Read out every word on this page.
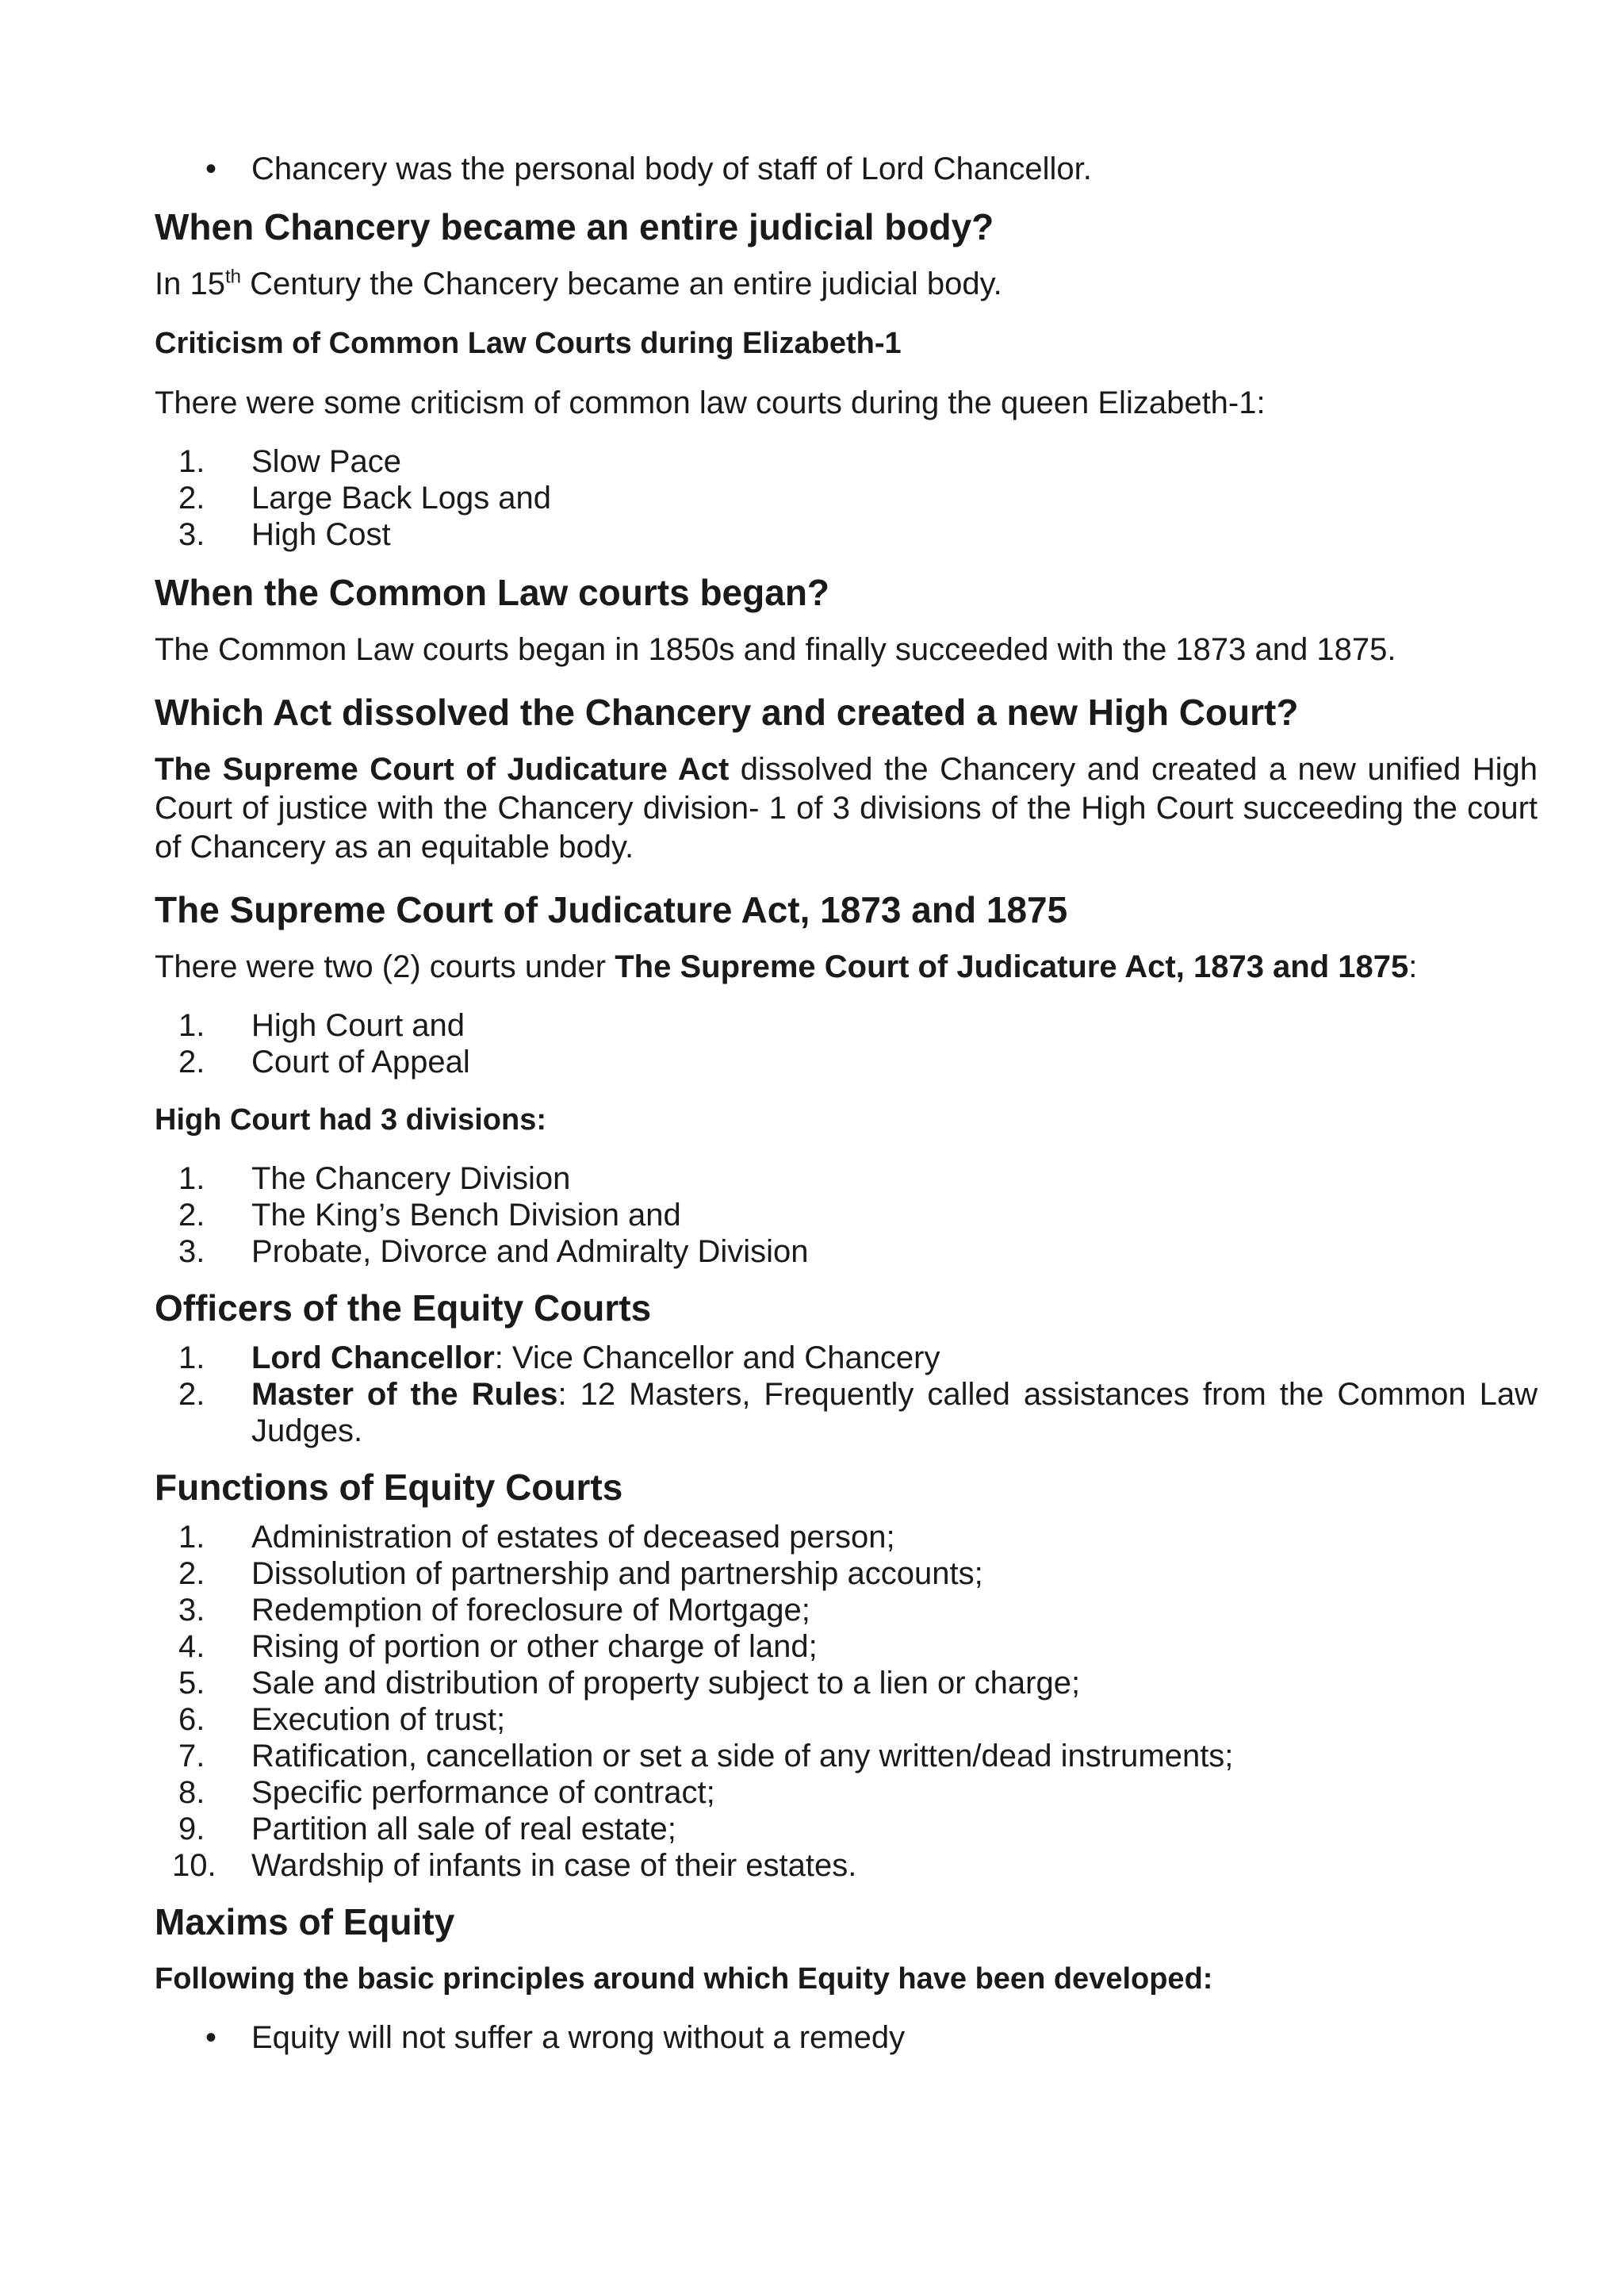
•	Chancery was the personal body of staff of Lord Chancellor.
When Chancery became an entire judicial body?

In 15th Century the Chancery became an entire judicial body.

Criticism of Common Law Courts during Elizabeth-1

There were some criticism of common law courts during the queen Elizabeth-1:

1.	Slow Pace
2.	Large Back Logs and
3.	High Cost
When the Common Law courts began?

The Common Law courts began in 1850s and finally succeeded with the 1873 and 1875.

Which Act dissolved the Chancery and created a new High Court?

The Supreme Court of Judicature Act dissolved the Chancery and created a new unified High Court of justice with the Chancery division- 1 of 3 divisions of the High Court succeeding the court of Chancery as an equitable body.

The Supreme Court of Judicature Act, 1873 and 1875

There were two (2) courts under The Supreme Court of Judicature Act, 1873 and 1875:

1.	High Court and
2.	Court of Appeal
High Court had 3 divisions:
1.	The Chancery Division
2.	The King’s Bench Division and
3.	Probate, Divorce and Admiralty Division
Officers of the Equity Courts
1.	Lord Chancellor: Vice Chancellor and Chancery
2.	Master of the Rules: 12 Masters, Frequently called assistances from the Common Law Judges.
Functions of Equity Courts
1.	Administration of estates of deceased person;
2.	Dissolution of partnership and partnership accounts;
3.	Redemption of foreclosure of Mortgage;
4.	Rising of portion or other charge of land;
5.	Sale and distribution of property subject to a lien or charge;
6.	Execution of trust;
7.	Ratification, cancellation or set a side of any written/dead instruments;
8.	Specific performance of contract;
9.	Partition all sale of real estate;
10.	Wardship of infants in case of their estates.
Maxims of Equity
Following the basic principles around which Equity have been developed:
•	Equity will not suffer a wrong without a remedy
